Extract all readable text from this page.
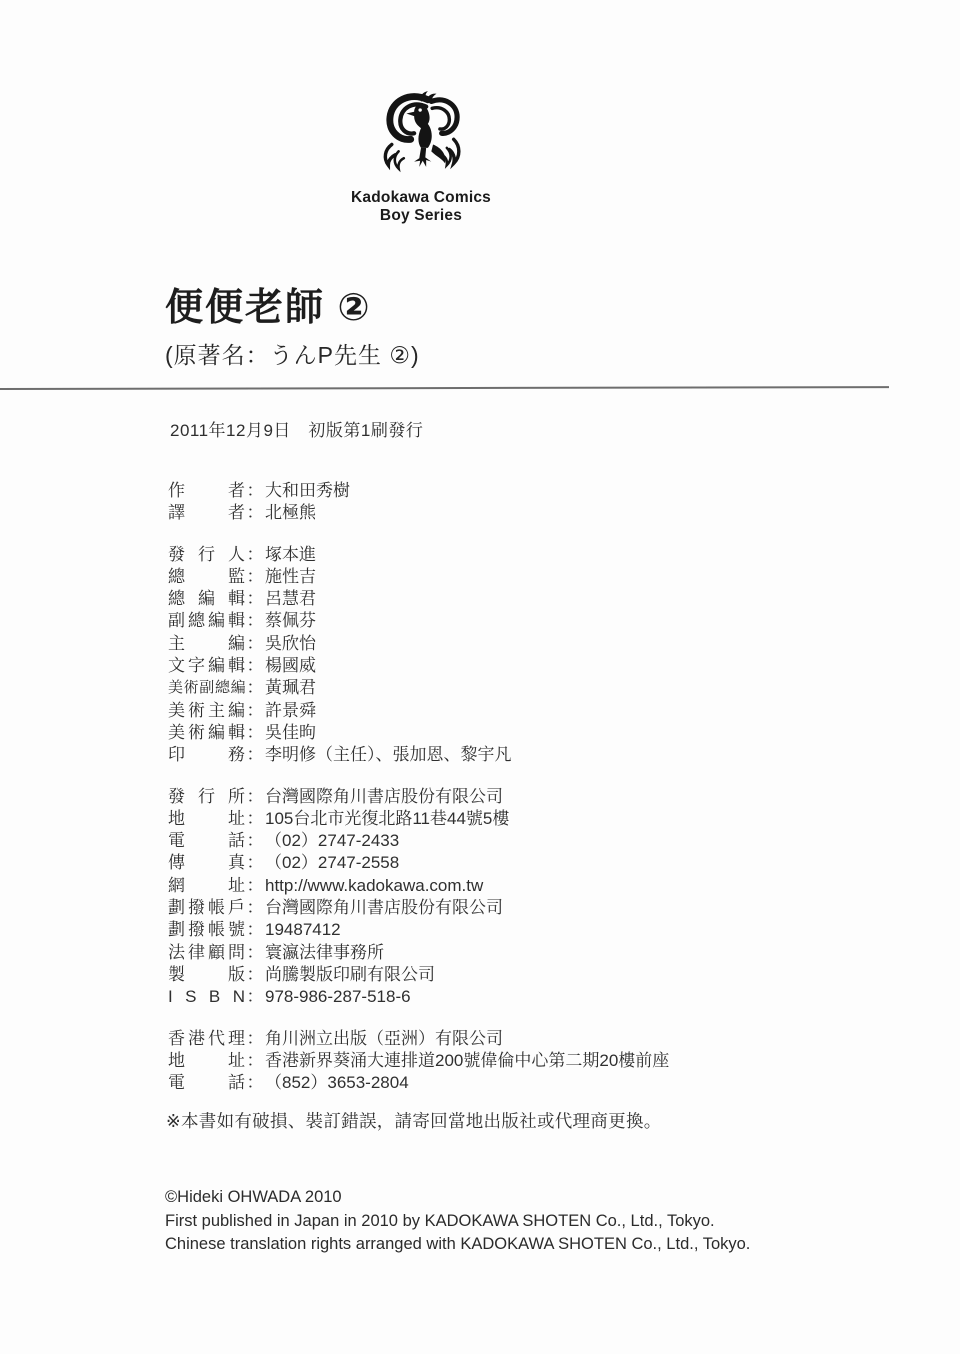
Kadokawa Comics
Boy Series
便便老師 ②
(原著名：うんP先生 ②)
2011年12月9日　初版第1刷發行
作者：大和田秀樹
譯者：北極熊
發行人：塚本進
總監：施性吉
總編輯：呂慧君
副總編輯：蔡佩芬
主編：吳欣怡
文字編輯：楊國威
美術副總編：黃珮君
美術主編：許景舜
美術編輯：吳佳昫
印務：李明修（主任）、張加恩、黎宇凡
發行所：台灣國際角川書店股份有限公司
地址：105台北市光復北路11巷44號5樓
電話：（02）2747-2433
傳真：（02）2747-2558
網址：http://www.kadokawa.com.tw
劃撥帳戶：台灣國際角川書店股份有限公司
劃撥帳號：19487412
法律顧問：寰瀛法律事務所
製版：尚騰製版印刷有限公司
I S B N：978-986-287-518-6
香港代理：角川洲立出版（亞洲）有限公司
地址：香港新界葵涌大連排道200號偉倫中心第二期20樓前座
電話：（852）3653-2804
※本書如有破損、裝訂錯誤，請寄回當地出版社或代理商更換。
©Hideki OHWADA 2010
First published in Japan in 2010 by KADOKAWA SHOTEN Co., Ltd., Tokyo.
Chinese translation rights arranged with KADOKAWA SHOTEN Co., Ltd., Tokyo.
